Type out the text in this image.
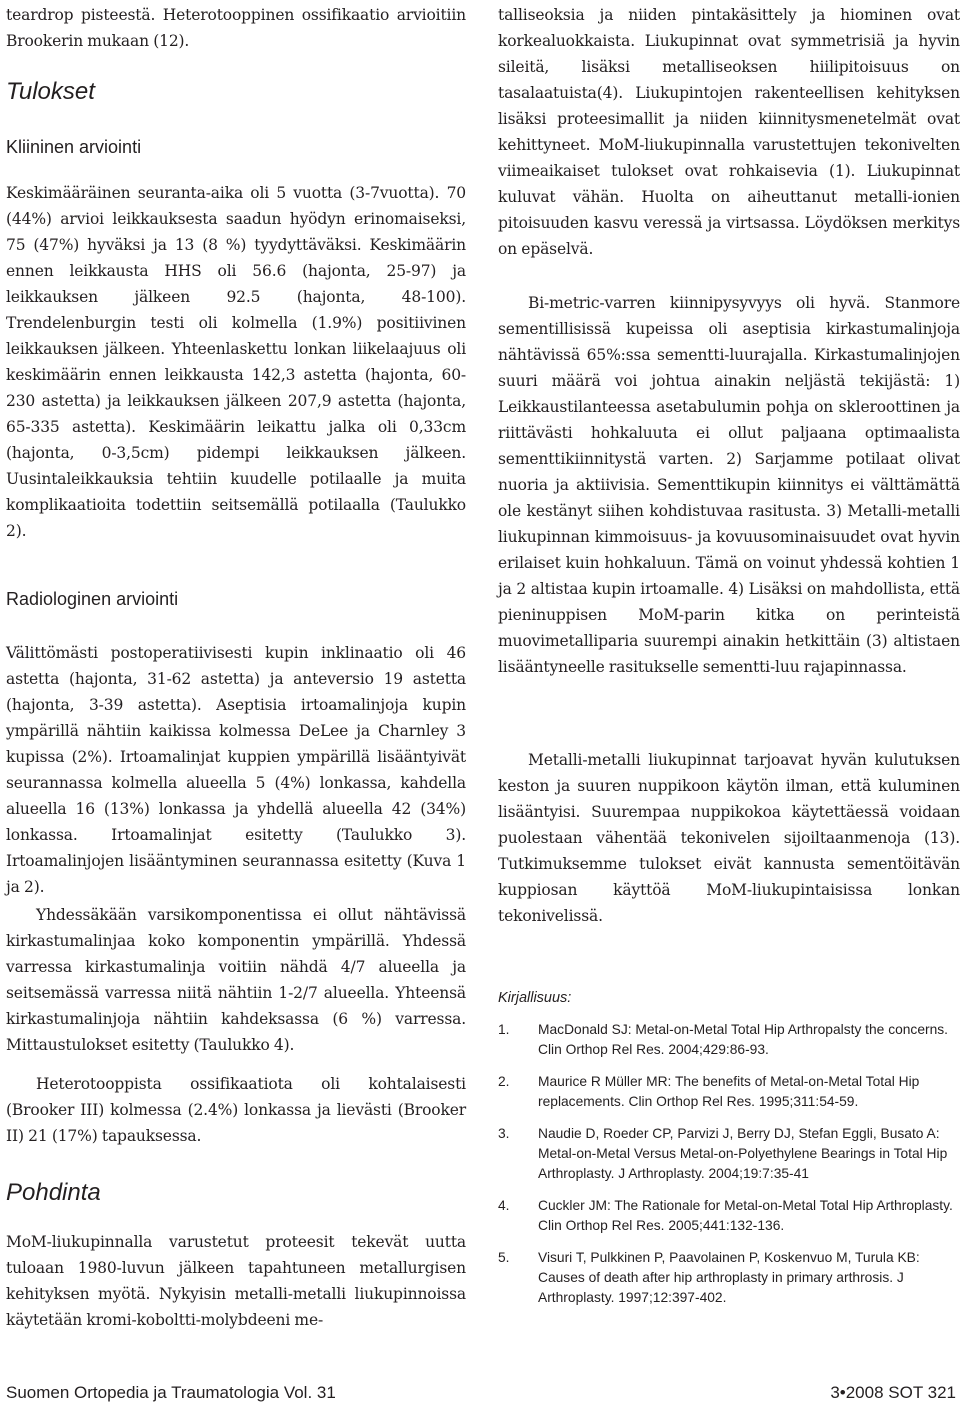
teardrop pisteestä. Heterotooppinen ossifikaatio arvioitiin Brookerin mukaan (12).

Tulokset
Kliininen arviointi

Keskimääräinen seuranta-aika oli 5 vuotta (3-7vuotta). 70 (44%) arvioi leikkauksesta saadun hyödyn erinomaiseksi, 75 (47%) hyväksi ja 13 (8 %) tyydyttäväksi. Keskimäärin ennen leikkausta HHS oli 56.6 (hajonta, 25-97) ja leikkauksen jälkeen 92.5 (hajonta, 48-100). Trendelenburgin testi oli kolmella (1.9%) positiivinen leikkauksen jälkeen. Yhteenlaskettu lonkan liikelaajuus oli keskimäärin ennen leikkausta 142,3 astetta (hajonta, 60-230 astetta) ja leikkauksen jälkeen 207,9 astetta (hajonta, 65-335 astetta). Keskimäärin leikattu jalka oli 0,33cm (hajonta, 0-3,5cm) pidempi leikkauksen jälkeen. Uusintaleikkauksia tehtiin kuudelle potilaalle ja muita komplikaatioita todettiin seitsemällä potilaalla (Taulukko 2).

Radiologinen arviointi

Välittömästi postoperatiivisesti kupin inklinaatio oli 46 astetta (hajonta, 31-62 astetta) ja anteversio 19 astetta (hajonta, 3-39 astetta). Aseptisia irtoamalinjoja kupin ympärillä nähtiin kaikissa kolmessa DeLee ja Charnley 3 kupissa (2%). Irtoamalinjat kuppien ympärillä lisääntyivät seurannassa kolmella alueella 5 (4%) lonkassa, kahdella alueella 16 (13%) lonkassa ja yhdellä alueella 42 (34%) lonkassa. Irtoamalinjat esitetty (Taulukko 3). Irtoamalinjojen lisääntyminen seurannassa esitetty (Kuva 1 ja 2).

Yhdessäkään varsikomponentissa ei ollut nähtävissä kirkastumalinjaa koko komponentin ympärillä. Yhdessä varressa kirkastumalinja voitiin nähdä 4/7 alueella ja seitsemässä varressa niitä nähtiin 1-2/7 alueella. Yhteensä kirkastumalinjoja nähtiin kahdeksassa (6 %) varressa. Mittaustulokset esitetty (Taulukko 4).

Heterotooppista ossifikaatiota oli kohtalaisesti (Brooker III) kolmessa (2.4%) lonkassa ja lievästi (Brooker II) 21 (17%) tapauksessa.

Pohdinta

MoM-liukupinnalla varustetut proteesit tekevät uutta tuloaan 1980-luvun jälkeen tapahtuneen metallurgisen kehityksen myötä. Nykyisin metalli-metalli liukupinnoissa käytetään kromi-koboltti-molybdeeni me-

talliseoksia ja niiden pintakäsittely ja hiominen ovat korkealuokkaista. Liukupinnat ovat symmetrisiä ja hyvin sileitä, lisäksi metalliseoksen hiilipitoisuus on tasalaatuista(4). Liukupintojen rakenteellisen kehityksen lisäksi proteesimallit ja niiden kiinnitysmenetelmät ovat kehittyneet. MoM-liukupinnalla varustettujen tekonivelten viimeaikaiset tulokset ovat rohkaisevia (1). Liukupinnat kuluvat vähän. Huolta on aiheuttanut metalli-ionien pitoisuuden kasvu veressä ja virtsassa. Löydöksen merkitys on epäselvä.

Bi-metric-varren kiinnipysyvyys oli hyvä. Stanmore sementillisissä kupeissa oli aseptisia kirkastumalinjoja nähtävissä 65%:ssa sementti-luurajalla. Kirkastumalinjojen suuri määrä voi johtua ainakin neljästä tekijästä: 1) Leikkaustilanteessa asetabulumin pohja on skleroottinen ja riittävästi hohkaluuta ei ollut paljaana optimaalista sementtikiinnitystä varten. 2) Sarjamme potilaat olivat nuoria ja aktiivisia. Sementtikupin kiinnitys ei välttämättä ole kestänyt siihen kohdistuvaa rasitusta. 3) Metalli-metalli liukupinnan kimmoisuus- ja kovuusominaisuudet ovat hyvin erilaiset kuin hohkaluun. Tämä on voinut yhdessä kohtien 1 ja 2 altistaa kupin irtoamalle. 4) Lisäksi on mahdollista, että pieninuppisen MoM-parin kitka on perinteistä muovimetalliparia suurempi ainakin hetkittäin (3) altistaen lisääntyneelle rasitukselle sementti-luu rajapinnassa.

Metalli-metalli liukupinnat tarjoavat hyvän kulutuksen keston ja suuren nuppikoon käytön ilman, että kuluminen lisääntyisi. Suurempaa nuppikokoa käytettäessä voidaan puolestaan vähentää tekonivelen sijoiltaanmenoja (13). Tutkimuksemme tulokset eivät kannusta sementöitävän kuppiosan käyttöä MoM-liukupintaisissa lonkan tekonivelissä.

Kirjallisuus:
1. MacDonald SJ: Metal-on-Metal Total Hip Arthropalsty the concerns. Clin Orthop Rel Res. 2004;429:86-93.
2. Maurice R Müller MR: The benefits of Metal-on-Metal Total Hip replacements. Clin Orthop Rel Res. 1995;311:54-59.
3. Naudie D, Roeder CP, Parvizi J, Berry DJ, Stefan Eggli, Busato A: Metal-on-Metal Versus Metal-on-Polyethylene Bearings in Total Hip Arthroplasty. J Arthroplasty. 2004;19:7:35-41
4. Cuckler JM: The Rationale for Metal-on-Metal Total Hip Arthroplasty. Clin Orthop Rel Res. 2005;441:132-136.
5. Visuri T, Pulkkinen P, Paavolainen P, Koskenvuo M, Turula KB: Causes of death after hip arthroplasty in primary arthrosis. J Arthroplasty. 1997;12:397-402.
Suomen Ortopedia ja Traumatologia Vol. 31	3•2008 SOT 321
